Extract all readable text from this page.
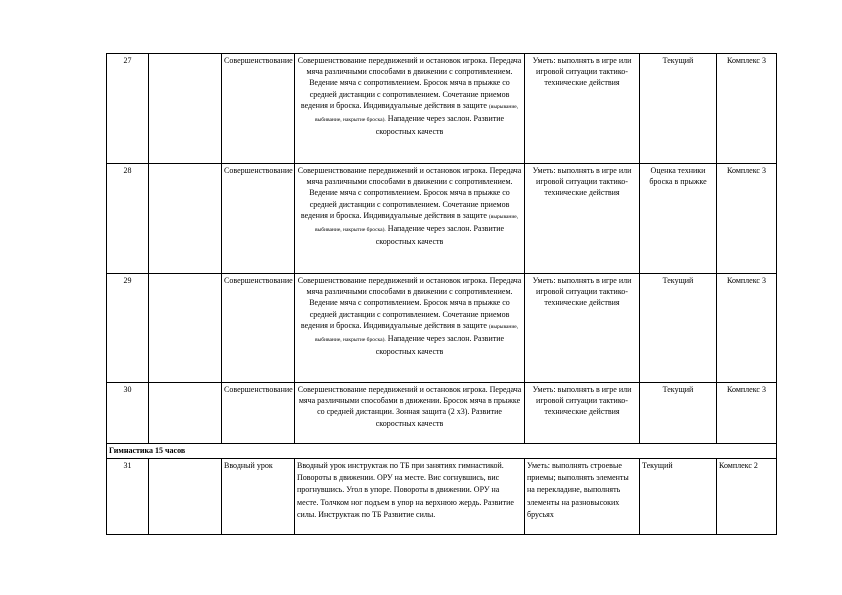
27		Совершенствование	Совершенствование передвижений и остановок игрока. Передача мяча различными способами в движении с сопротивлением. Ведение мяча с сопротивлением. Бросок мяча в прыжке со средней дистанции с сопротивлением. Сочетание приемов ведения и броска. Индивидуальные действия в защите (вырывание, выбивание, накрытие броска). Нападение через заслон. Развитие скоростных качеств	Уметь: выполнять в игре или игровой ситуации тактико-технические действия	Текущий	Комплекс 3
28		Совершенствование	Совершенствование передвижений и остановок игрока. Передача мяча различными способами в движении с сопротивлением. Ведение мяча с сопротивлением. Бросок мяча в прыжке со средней дистанции с сопротивлением. Сочетание приемов ведения и броска. Индивидуальные действия в защите (вырывание, выбивание, накрытие броска). Нападение через заслон. Развитие скоростных качеств	Уметь: выполнять в игре или игровой ситуации тактико-технические действия	Оценка техники броска в прыжке	Комплекс 3
29		Совершенствование	Совершенствование передвижений и остановок игрока. Передача мяча различными способами в движении с сопротивлением. Ведение мяча с сопротивлением. Бросок мяча в прыжке со средней дистанции с сопротивлением. Сочетание приемов ведения и броска. Индивидуальные действия в защите (вырывание, выбивание, накрытие броска). Нападение через заслон. Развитие скоростных качеств	Уметь: выполнять в игре или игровой ситуации тактико-технические действия	Текущий	Комплекс 3
30		Совершенствование	Совершенствование передвижений и остановок игрока. Передача мяча различными способами в движении. Бросок мяча в прыжке со средней дистанции. Зонная защита (2 х3). Развитие скоростных качеств	Уметь: выполнять в игре или игровой ситуации тактико-технические действия	Текущий	Комплекс 3
Гимнастика 15 часов						
31		Вводный урок	Вводный урок инструктаж по ТБ при занятиях гимнастикой. Повороты в движении. ОРУ на месте. Вис согнувшись, вис прогнувшись. Угол в упоре. Повороты в движении. ОРУ на месте. Толчком ног подъем в упор на верхнюю жердь. Развитие силы. Инструктаж по ТБ Развитие силы.	Уметь: выполнять строевые приемы; выполнять элементы на перекладине, выполнять элементы на разновысоких брусьях	Текущий	Комплекс 2
